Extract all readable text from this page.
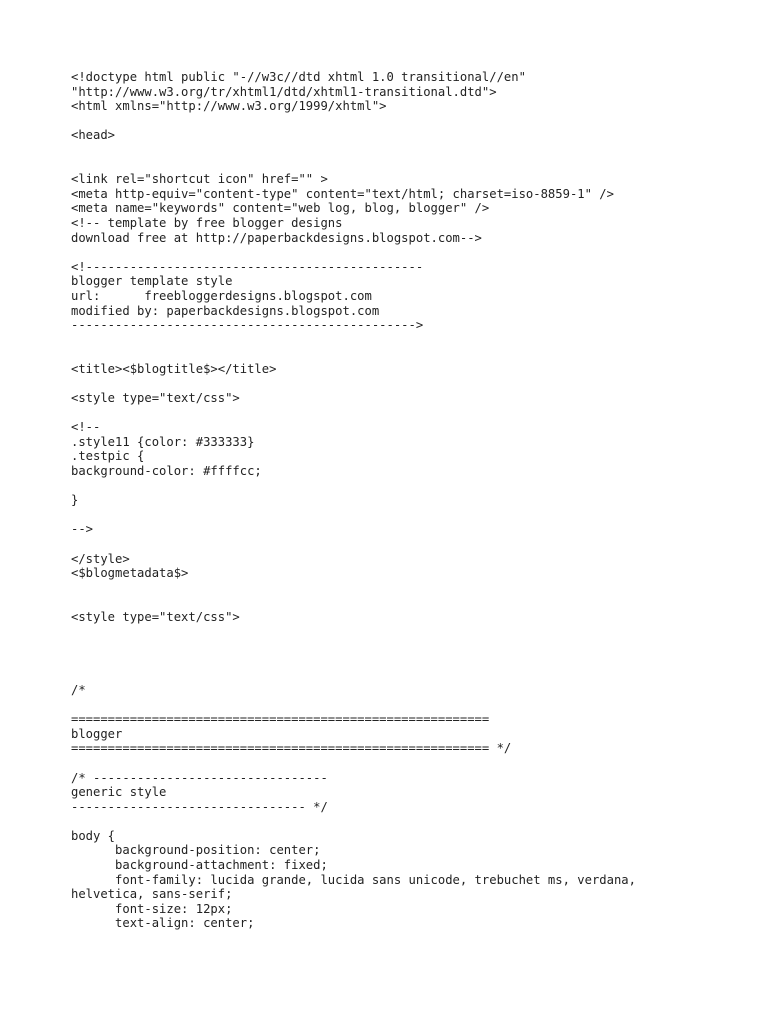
<!doctype html public "-//w3c//dtd xhtml 1.0 transitional//en"
"http://www.w3.org/tr/xhtml1/dtd/xhtml1-transitional.dtd">
<html xmlns="http://www.w3.org/1999/xhtml">
<head>
<link rel="shortcut icon" href="" >
<meta http-equiv="content-type" content="text/html; charset=iso-8859-1" />
<meta name="keywords" content="web log, blog, blogger" />
<!-- template by free blogger designs
download free at http://paperbackdesigns.blogspot.com-->
<!----------------------------------------------
blogger template style
url:      freebloggerdesigns.blogspot.com
modified by: paperbackdesigns.blogspot.com
----------------------------------------------->
<title><$blogtitle$></title>
<style type="text/css">
<!--
.style11 {color: #333333}
.testpic {
background-color: #ffffcc;
}
-->
</style>
<$blogmetadata$>
<style type="text/css">
/*
=========================================================
blogger
========================================================= */
/* --------------------------------
generic style
-------------------------------- */
body {
background-position: center;
background-attachment: fixed;
font-family: lucida grande, lucida sans unicode, trebuchet ms, verdana,
helvetica, sans-serif;
font-size: 12px;
text-align: center;
